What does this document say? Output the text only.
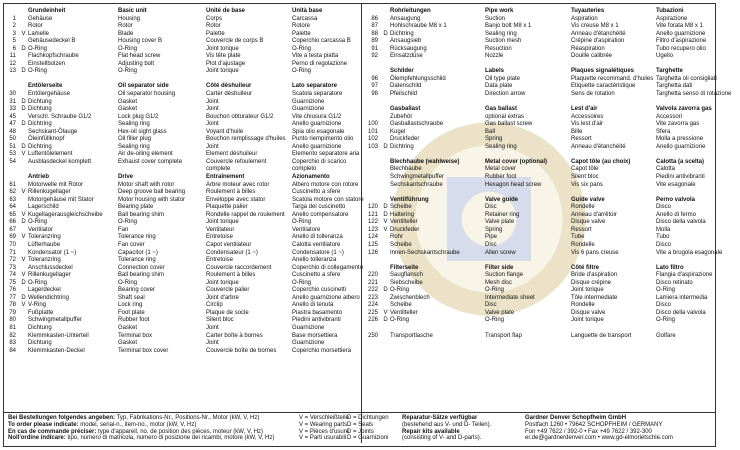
Grundeinheit	Basic unit	Unité de base	Unità base
1	Gehäuse	Housing	Corps	Carcassa
2	Rotor	Rotor	Rotor	Rotore
3 V Lamelle	Blade	Palette	Palette
5	Gehäusedeckel B	Housing cover B	Couvercle de corps B	Coperchio carcassa B
6 D O-Ring	O-Ring	Joint torique	O-Ring
11	Flachkopfschraube	Flat head screw	Vis tête plate	Vite a testa piatta
12	Einstellbolzen	Adjusting bolt	Plot d'ajustage	Perno di regolazione
13 D O-Ring	O-Ring	Joint torique	O-Ring
Entölerseite	Oil separator side	Côté déshuileur	Lato separatore
30	Entölergehäuse	Oil separator housing	Carter déshuileur	Scatola separatore
31 D Dichtung	Gasket	Joint	Guarnizione
33 D Dichtung	Gasket	Joint	Guarnizione
45	Verschl. Schraube G1/2	Lock plug G1/2	Bouchon obturateur G1/2	Vite chiusura G1/2
47 D Dichtring	Sealing ring	Joint	Anello guarnizione
48	Sechskant-Ölauge	Hex-oil sight glass	Voyant d'huile	Spia olio esagonale
50	Öleinfüllknopf	Oil filler plug	Bouchon remplissage d'huiles	Punto riempimento olio
51 D Dichtring	Sealing ring	Joint	Anello guarnizione
53 V Luftentölelement	Air de-oiling element	Element déshuileur	Elemento separatore aria
54	Ausblasdeckel komplett	Exhaust cover complete	Couvercle refoulement	Coperchio di scarico
complete	completo
Antrieb	Drive	Entraînement	Azionamento
61	Motorwelle mit Rotor	Motor shaft with rotor	Arbre moteur avec rotor	Albero motore con rotore
62 V Rillenkugellager	Deep groove ball bearing	Roulement à billes	Cuscinetto a sfere
63	Motorgehäuse mit Stator	Motor housing with stator	Enveloppe avec stator	Scatola motore con statore
64	Lagerschild	Bearing plate	Plaquette palier	Targa del cuscinetto
65 V Kugellagerausgleichscheibe	Ball bearing shim	Rondelle rappel de roulement	Anello compensatore
66 D O-Ring	O-Ring	Joint torique	O-Ring
67	Ventilator	Fan	Ventilateur	Ventilatore
69 V Toleranzring	Tolerance ring	Entretoise	Anello di tolleranza
70	Lüfterhaube	Fan cover	Capot ventilateur	Calotta ventilatore
71	Kondensator (1 ~)	Capacitor (1 ~)	Condensateur (1 ~)	Condensatore (1 ~)
72 V Toleranzring	Tolerance ring	Entretoise	Anello tolleranza
73	Anschlussdeckel	Connection cover	Couvercle raccordement	Coperchio di collegamento
74 V Rillenkugellager	Ball bearing shim	Roulement à billes	Cuscinetto a sfere
75 D O-Ring	O-Ring	Joint torique	O-Ring
76	Lagerdeckel	Bearing cover	Couvercle palier	Coperchio cuscinetti
77 D Wellendichtring	Shaft seal	Joint d'arbre	Anello guarnizione albero
78 V V-Ring	Lock ring	Circlip	Anello di tenuta
79	Fußplatte	Foot plate	Plaque de socle	Piastra basamento
80	Schwingmetallpuffer	Rubber foot	Silent bloc	Piedini antivibranti
81	Dichtung	Gasket	Joint	Guarnizione
82	Klemmkasten-Unterteil	Terminal box	Carter boîte à bornes	Base morsettiera
83	Dichtung	Gasket	Joint	Guarnizione
84	Klemmkasten-Deckel	Terminal box cover	Couvercle boîte de bornes	Coperchio morsettiera
Rohrleitungen	Pipe work	Tuyauteries	Tubazioni
86	Ansaugung	Suction	Aspiration	Aspirazione
87	Hohlschraube M8 x 1	Banjo bolt M8 x 1	Vis creuse M8 x 1	Vite forata M8 x 1
88 D Dichtring	Sealing ring	Anneau d'étanchéité	Anello guarnizione
89	Ansaugsieb	Suction mesh	Crépine d'aspiration	Filtro d'aspirazione
91	Rücksaugung	Resuction	Réaspiration	Tubo recupero olio
92	Einsatzdüse	Nozzle	Douille calibrée	Ugello
Schilder	Labels	Plaques signalétiques	Targhette
96	Ölempfehlungsschild	Oil type plate	Plaquette recommand. d'huiles Targhetta oli consigliati
97	Datenschild	Data plate	Etiquette caractéristique	Targhetta dati
98	Pfeilschild	Direction arrow	Sens de rotation	Targhetta senso di rotazione
Gasballast	Gas ballast	Lest d'air	Valvola zavorra gas
Zubehör	optional extras	Accessoires	Accessori
100	Gasballastschraube	Gas ballast screw	Vis lest d'air	Vite zavorra gas
101	Kugel	Ball	Bille	Sfera
102	Druckfeder	Spring	Ressort	Molla a pressione
103 D Dichtring	Sealing ring	Anneau d'étanchéité	Anello guarnizione
Blechhaube (wahlweise)	Metal cover (optional)	Capot tôle (au choix)	Calotta (a scelta)
Blechhaube	Metal cover	Capot tôle	Calotta
Schwingmetallpuffer	Rubber foot	Silent bloc	Piedini antivibranti
Sechskantschraube	Hexagon head screw	Vis six pans	Vite esagonale
Ventilführung	Valve guide	Guide valve	Perno valvola
120 D Scheibe	Disc	Rondelle	Disco
121 D Haltering	Retainer ring	Anneau d'arrêtoir	Anello di fermo
122 V Ventilteller	Valve plate	Disque valve	Disco della valvola
123 V Druckfeder	Spring	Ressort	Molla
124	Rohr	Pipe	Tube	Tubo
125	Scheibe	Disc	Rondelle	Disco
126	Innen-Sechskantschraube	Allen screw	Vis 6 pans creuse	Vite a brugola esagonale
Filterseite	Filter side	Côté filtre	Lato filtro
220	Saugflansch	Suction flange	Bride d'aspiration	Flangia d'aspirazione
221	Siebscheibe	Mesh disc	Disque crépine	Disco retinato
222 D O-Ring	O-Ring	Joint torique	O-Ring
223	Zwischenblech	Intermediate sheet	Tôle intermediate	Lamiera intermedia
224	Scheibe	Disc	Rondelle	Disco
225 V Ventilteller	Valve plate	Disque valve	Disco della valvola
226 D O-Ring	O-Ring	Joint torique	O-Ring
250	Transportlasche	Transport flap	Languette de transport	Golfare
Bei Bestellungen folgendes angeben: Typ, Fabrikations-Nr., Positions-Nr., Motor (kW, V, Hz)
To order please indicate: model, serial-n., item-no., motor (kW, V, Hz)
En cas de commande préciser: type d'appareil, no. de position des pièces, moteur (kW, V, Hz)
Noll'ordine indicare: tipo, numero di matricola, numero di posizione dei ricambi, motore (kW, V, Hz)
V = Verschleißteile
V = Wearing parts
V = Pièces d'usure
V = Parti usurabili
D = Dichtungen
D = Seals
D = Joints
D = Guarnizioni
Reparatur-Sätze verfügbar
(bestehend aus V- und D- Teilen).
Repair kits available
(consisting of V- and D-parts).
Gardner Denver Schopfheim GmbH
Postfach 1260 • 79642 SCHOPFHEIM / GERMANY
Fon +49 7622 / 392-0 • Fax +49 7622 / 392-300
er.de@gardnerdenver.com • www.gd-elmorietschle.com
